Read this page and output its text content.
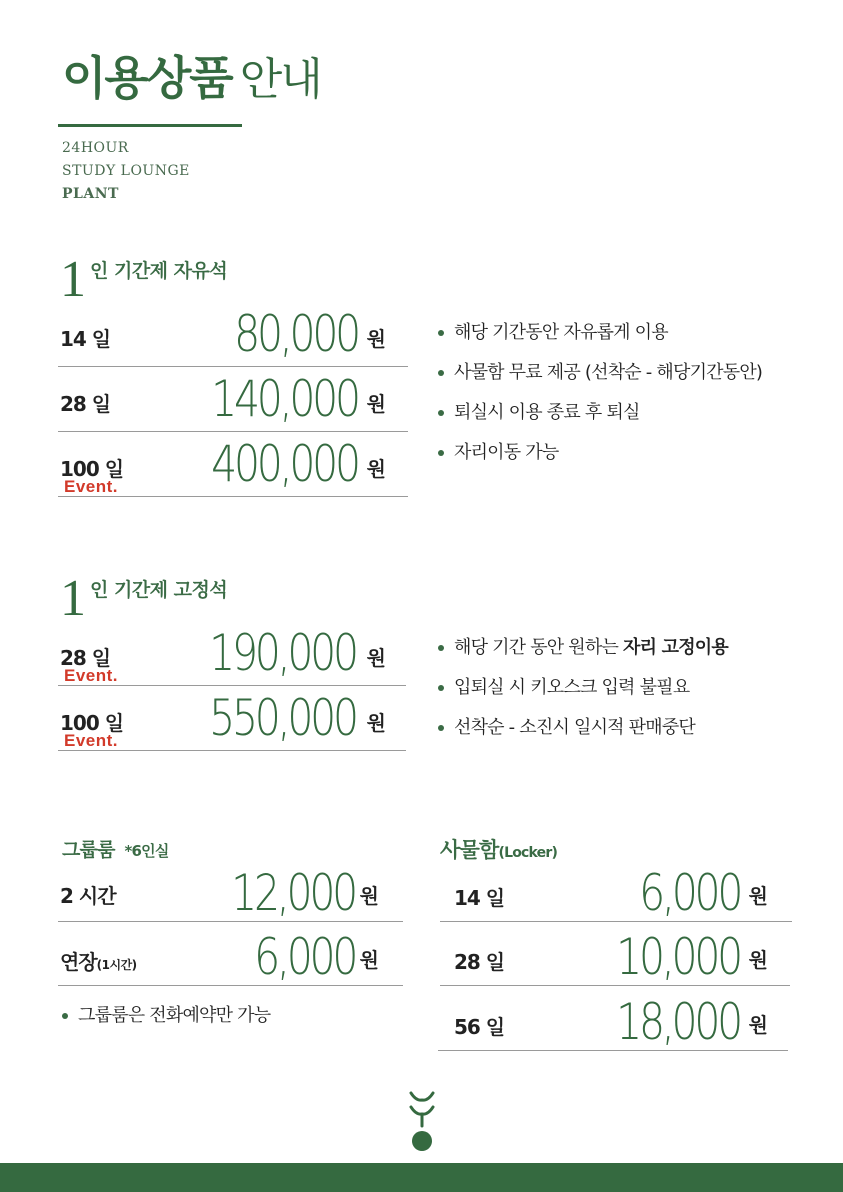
이용상품 안내
24HOUR
STUDY LOUNGE
PLANT
1 인 기간제 자유석
14 일 80,000 원
28 일 140,000 원
100 일
Event. 400,000 원
해당 기간동안 자유롭게 이용
사물함 무료 제공 (선착순 - 해당기간동안)
퇴실시 이용 종료 후 퇴실
자리이동 가능
1 인 기간제 고정석
28 일
Event. 190,000 원
100 일
Event. 550,000 원
해당 기간 동안 원하는 자리 고정이용
입퇴실 시 키오스크 입력 불필요
선착순 - 소진시 일시적 판매중단
그룹룸 *6인실
2 시간 12,000 원
연장(1시간) 6,000 원
그룹룸은 전화예약만 가능
사물함(Locker)
14 일	6,000 원
28 일 10,000 원
56 일 18,000 원
